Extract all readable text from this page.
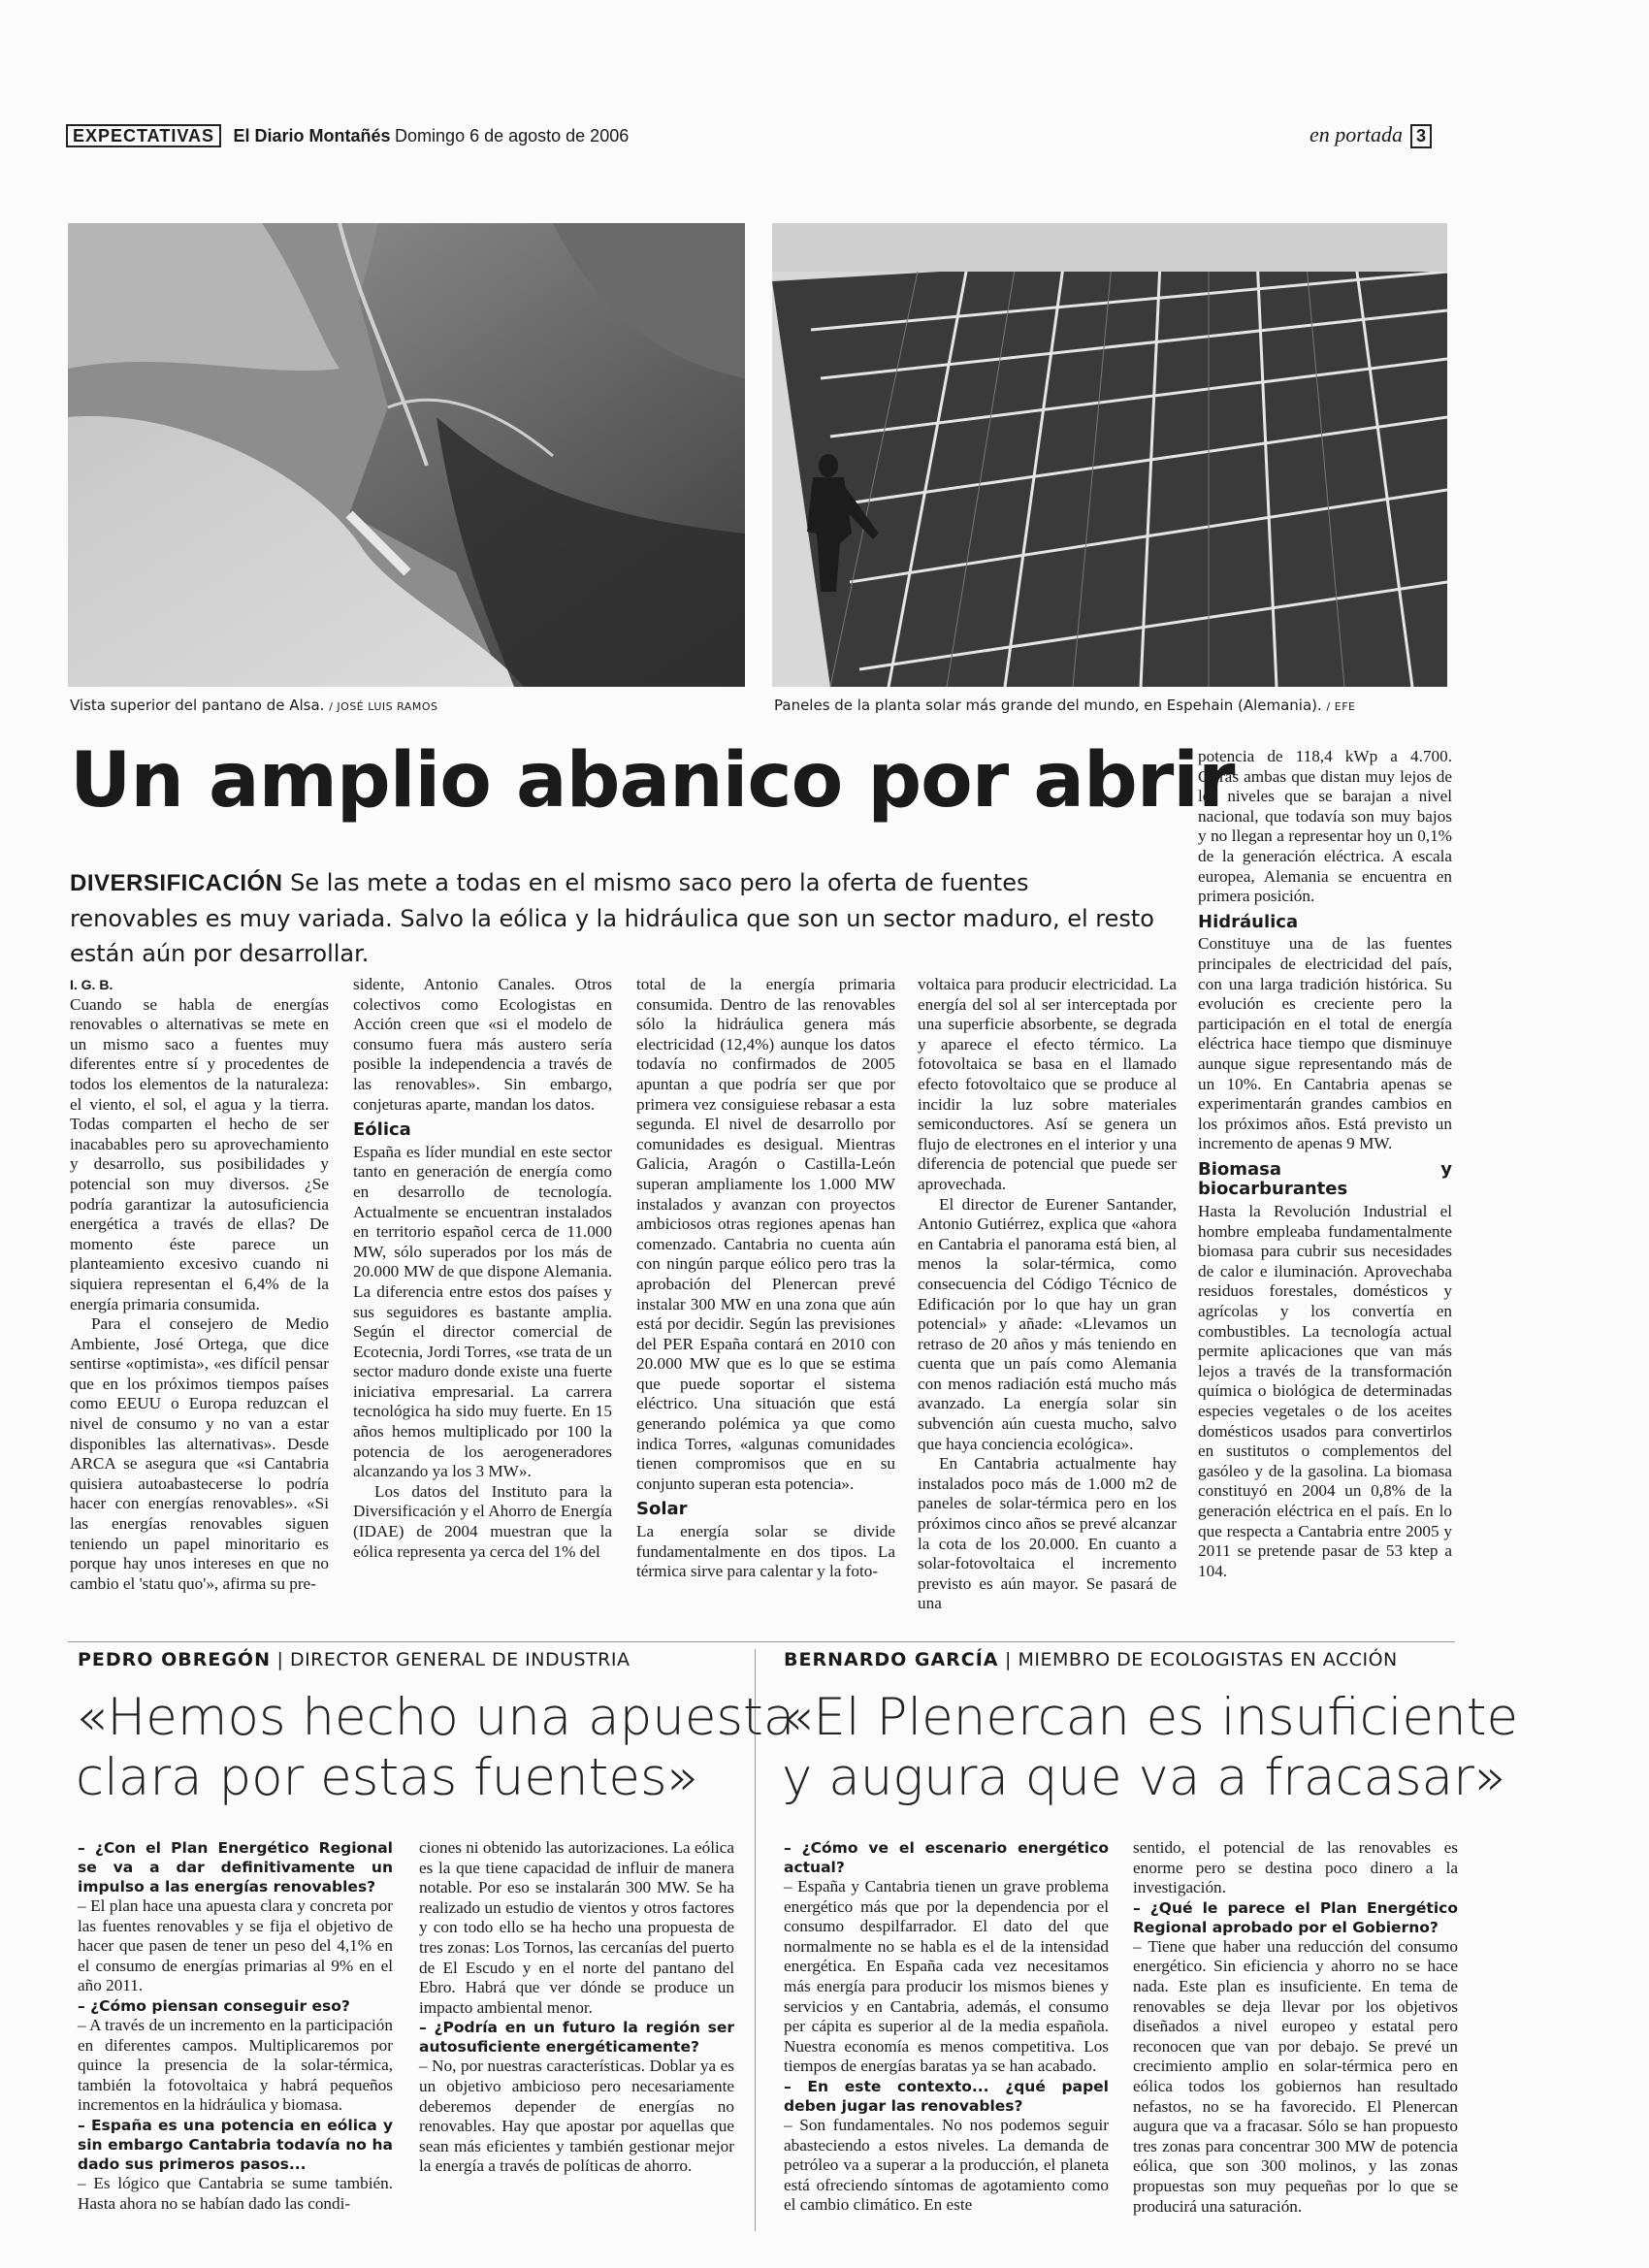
EXPECTATIVAS El Diario Montañés Domingo 6 de agosto de 2006	en portada 3
Vista superior del pantano de Alsa. / JOSÉ LUIS RAMOS	Paneles de la planta solar más grande del mundo, en Espehain (Alemania). / EFE
Un amplio abanico por abrir
DIVERSIFICACIÓN Se las mete a todas en el mismo saco pero la oferta de fuentes renovables es muy variada. Salvo la eólica y la hidráulica que son un sector maduro, el resto están aún por desarrollar.
I. G. B.

Cuando se habla de energías renovables o alternativas se mete en un mismo saco a fuentes muy diferentes entre sí y procedentes de todos los elementos de la naturaleza: el viento, el sol, el agua y la tierra. Todas comparten el hecho de ser inacabables pero su aprovechamiento y desarrollo, sus posibilidades y potencial son muy diversos. ¿Se podría garantizar la autosuficiencia energética a través de ellas? De momento éste parece un planteamiento excesivo cuando ni siquiera representan el 6,4% de la energía primaria consumida.

Para el consejero de Medio Ambiente, José Ortega, que dice sentirse «optimista», «es difícil pensar que en los próximos tiempos países como EEUU o Europa reduzcan el nivel de consumo y no van a estar disponibles las alternativas». Desde ARCA se asegura que «si Cantabria quisiera autoabastecerse lo podría hacer con energías renovables». «Si las energías renovables siguen teniendo un papel minoritario es porque hay unos intereses en que no cambio el 'statu quo'», afirma su pre-

sidente, Antonio Canales. Otros colectivos como Ecologistas en Acción creen que «si el modelo de consumo fuera más austero sería posible la independencia a través de las renovables». Sin embargo, conjeturas aparte, mandan los datos.

Eólica

España es líder mundial en este sector tanto en generación de energía como en desarrollo de tecnología. Actualmente se encuentran instalados en territorio español cerca de 11.000 MW, sólo superados por los más de 20.000 MW de que dispone Alemania. La diferencia entre estos dos países y sus seguidores es bastante amplia. Según el director comercial de Ecotecnia, Jordi Torres, «se trata de un sector maduro donde existe una fuerte iniciativa empresarial. La carrera tecnológica ha sido muy fuerte. En 15 años hemos multiplicado por 100 la potencia de los aerogeneradores alcanzando ya los 3 MW».

Los datos del Instituto para la Diversificación y el Ahorro de Energía (IDAE) de 2004 muestran que la eólica representa ya cerca del 1% del

total de la energía primaria consumida. Dentro de las renovables sólo la hidráulica genera más electricidad (12,4%) aunque los datos todavía no confirmados de 2005 apuntan a que podría ser que por primera vez consiguiese rebasar a esta segunda. El nivel de desarrollo por comunidades es desigual. Mientras Galicia, Aragón o Castilla-León superan ampliamente los 1.000 MW instalados y avanzan con proyectos ambiciosos otras regiones apenas han comenzado. Cantabria no cuenta aún con ningún parque eólico pero tras la aprobación del Plenercan prevé instalar 300 MW en una zona que aún está por decidir. Según las previsiones del PER España contará en 2010 con 20.000 MW que es lo que se estima que puede soportar el sistema eléctrico. Una situación que está generando polémica ya que como indica Torres, «algunas comunidades tienen compromisos que en su conjunto superan esta potencia».

Solar

La energía solar se divide fundamentalmente en dos tipos. La térmica sirve para calentar y la foto-

voltaica para producir electricidad. La energía del sol al ser interceptada por una superficie absorbente, se degrada y aparece el efecto térmico. La fotovoltaica se basa en el llamado efecto fotovoltaico que se produce al incidir la luz sobre materiales semiconductores. Así se genera un flujo de electrones en el interior y una diferencia de potencial que puede ser aprovechada.

El director de Eurener Santander, Antonio Gutiérrez, explica que «ahora en Cantabria el panorama está bien, al menos la solar-térmica, como consecuencia del Código Técnico de Edificación por lo que hay un gran potencial» y añade: «Llevamos un retraso de 20 años y más teniendo en cuenta que un país como Alemania con menos radiación está mucho más avanzado. La energía solar sin subvención aún cuesta mucho, salvo que haya conciencia ecológica».

En Cantabria actualmente hay instalados poco más de 1.000 m2 de paneles de solar-térmica pero en los próximos cinco años se prevé alcanzar la cota de los 20.000. En cuanto a solar-fotovoltaica el incremento previsto es aún mayor. Se pasará de una

potencia de 118,4 kWp a 4.700. Cifras ambas que distan muy lejos de los niveles que se barajan a nivel nacional, que todavía son muy bajos y no llegan a representar hoy un 0,1% de la generación eléctrica. A escala europea, Alemania se encuentra en primera posición.

Hidráulica

Constituye una de las fuentes principales de electricidad del país, con una larga tradición histórica. Su evolución es creciente pero la participación en el total de energía eléctrica hace tiempo que disminuye aunque sigue representando más de un 10%. En Cantabria apenas se experimentarán grandes cambios en los próximos años. Está previsto un incremento de apenas 9 MW.

Biomasa y biocarburantes

Hasta la Revolución Industrial el hombre empleaba fundamentalmente biomasa para cubrir sus necesidades de calor e iluminación. Aprovechaba residuos forestales, domésticos y agrícolas y los convertía en combustibles. La tecnología actual permite aplicaciones que van más lejos a través de la transformación química o biológica de determinadas especies vegetales o de los aceites domésticos usados para convertirlos en sustitutos o complementos del gasóleo y de la gasolina. La biomasa constituyó en 2004 un 0,8% de la generación eléctrica en el país. En lo que respecta a Cantabria entre 2005 y 2011 se pretende pasar de 53 ktep a 104.

PEDRO OBREGÓN | DIRECTOR GENERAL DE INDUSTRIA
«Hemos hecho una apuesta
clara por estas fuentes»

– ¿Con el Plan Energético Regional se va a dar definitivamente un impulso a las energías renovables?

– El plan hace una apuesta clara y concreta por las fuentes renovables y se fija el objetivo de hacer que pasen de tener un peso del 4,1% en el consumo de energías primarias al 9% en el año 2011.

– ¿Cómo piensan conseguir eso?

– A través de un incremento en la participación en diferentes campos. Multiplicaremos por quince la presencia de la solar-térmica, también la fotovoltaica y habrá pequeños incrementos en la hidráulica y biomasa.

– España es una potencia en eólica y sin embargo Cantabria todavía no ha dado sus primeros pasos...

– Es lógico que Cantabria se sume también. Hasta ahora no se habían dado las condi-

ciones ni obtenido las autorizaciones. La eólica es la que tiene capacidad de influir de manera notable. Por eso se instalarán 300 MW. Se ha realizado un estudio de vientos y otros factores y con todo ello se ha hecho una propuesta de tres zonas: Los Tornos, las cercanías del puerto de El Escudo y en el norte del pantano del Ebro. Habrá que ver dónde se produce un impacto ambiental menor.

– ¿Podría en un futuro la región ser autosuficiente energéticamente?

– No, por nuestras características. Doblar ya es un objetivo ambicioso pero necesariamente deberemos depender de energías no renovables. Hay que apostar por aquellas que sean más eficientes y también gestionar mejor la energía a través de políticas de ahorro.

BERNARDO GARCÍA | MIEMBRO DE ECOLOGISTAS EN ACCIÓN
«El Plenercan es insuficiente
y augura que va a fracasar»

– ¿Cómo ve el escenario energético actual?

– España y Cantabria tienen un grave problema energético más que por la dependencia por el consumo despilfarrador. El dato del que normalmente no se habla es el de la intensidad energética. En España cada vez necesitamos más energía para producir los mismos bienes y servicios y en Cantabria, además, el consumo per cápita es superior al de la media española. Nuestra economía es menos competitiva. Los tiempos de energías baratas ya se han acabado.

– En este contexto... ¿qué papel deben jugar las renovables?

– Son fundamentales. No nos podemos seguir abasteciendo a estos niveles. La demanda de petróleo va a superar a la producción, el planeta está ofreciendo síntomas de agotamiento como el cambio climático. En este

sentido, el potencial de las renovables es enorme pero se destina poco dinero a la investigación.

– ¿Qué le parece el Plan Energético Regional aprobado por el Gobierno?

– Tiene que haber una reducción del consumo energético. Sin eficiencia y ahorro no se hace nada. Este plan es insuficiente. En tema de renovables se deja llevar por los objetivos diseñados a nivel europeo y estatal pero reconocen que van por debajo. Se prevé un crecimiento amplio en solar-térmica pero en eólica todos los gobiernos han resultado nefastos, no se ha favorecido. El Plenercan augura que va a fracasar. Sólo se han propuesto tres zonas para concentrar 300 MW de potencia eólica, que son 300 molinos, y las zonas propuestas son muy pequeñas por lo que se producirá una saturación.
